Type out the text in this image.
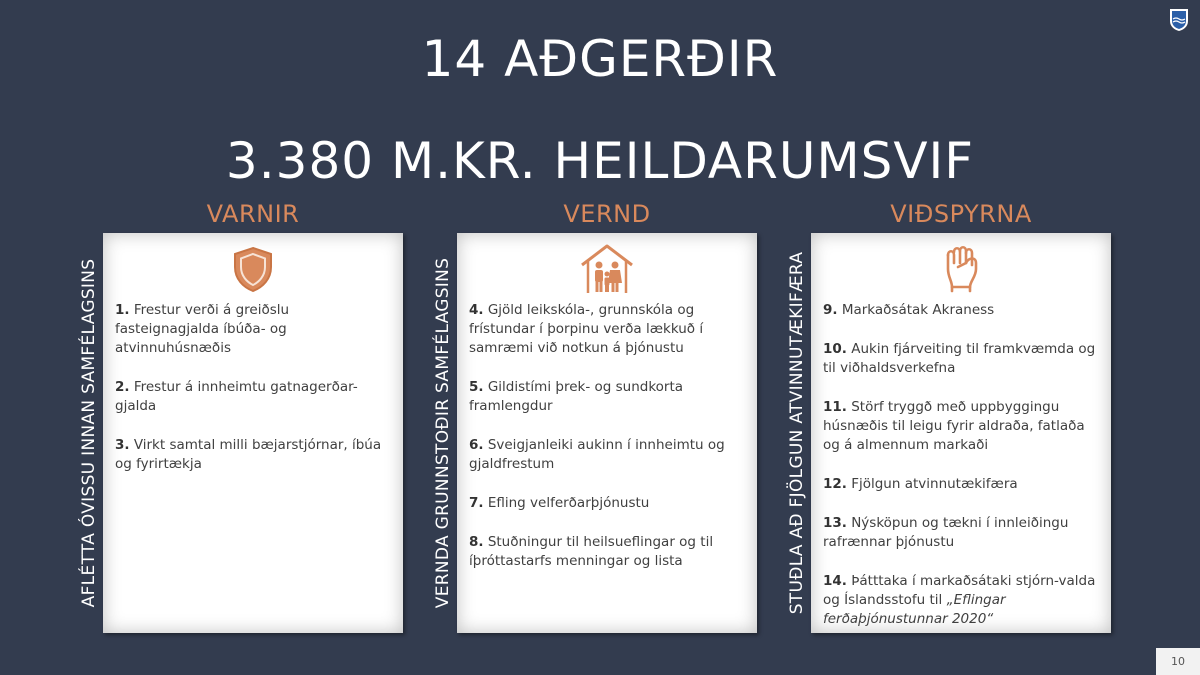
14 AÐGERÐIR
3.380 M.KR. HEILDARUMSVIF
VARNIR
AFLÉTTA ÓVISSU INNAN SAMFÉLAGSINS 1. Frestur verði á greiðslu fasteignagjalda íbúða- og atvinnuhúsnæðis
2. Frestur á innheimtu gatnagerðar-gjalda
3. Virkt samtal milli bæjarstjórnar, íbúa og fyrirtækja
VERND
VERNDA GRUNNSTOÐIR SAMFÉLAGSINS 4. Gjöld leikskóla-, grunnskóla og frístundar í þorpinu verða lækkuð í samræmi við notkun á þjónustu
5. Gildistími þrek- og sundkorta framlengdur
6. Sveigjanleiki aukinn í innheimtu og gjaldfrestum
7. Efling velferðarþjónustu
8. Stuðningur til heilsueflingar og til íþróttastarfs menningar og lista
VIÐSPYRNA
STUÐLA AÐ FJÖLGUN ATVINNUTÆKIFÆRA 9. Markaðsátak Akraness
10. Aukin fjárveiting til framkvæmda og til viðhaldsverkefna
11. Störf tryggð með uppbyggingu húsnæðis til leigu fyrir aldraða, fatlaða og á almennum markaði
12. Fjölgun atvinnutækifæra
13. Nýsköpun og tækni í innleiðingu rafrænnar þjónustu
14. Þátttaka í markaðsátaki stjórn-valda og Íslandsstofu til „Eflingar ferðaþjónustunnar 2020“
10
